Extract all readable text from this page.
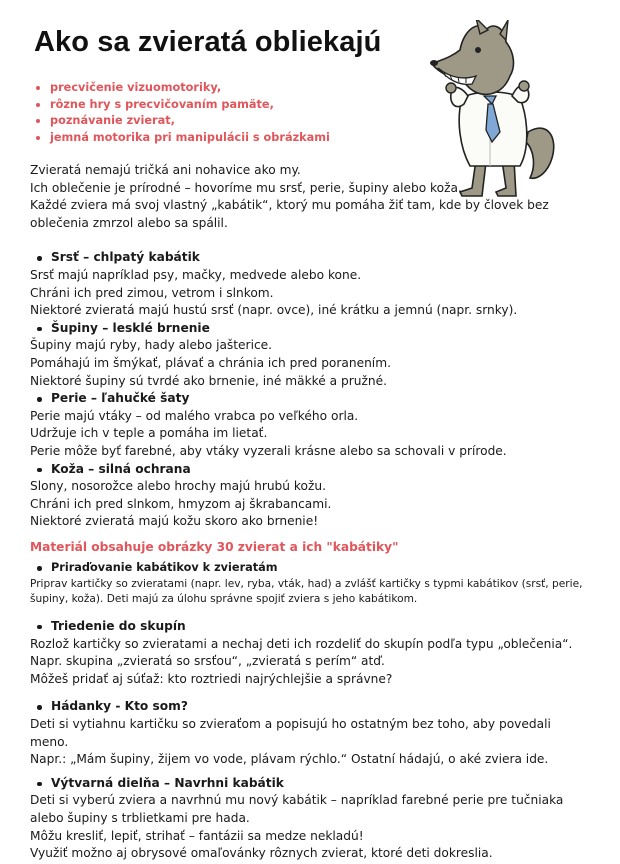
Ako sa zvieratá obliekajú
precvičenie vizuomotoriky,
rôzne hry s precvičovaním pamäte,
poznávanie zvierat,
jemná motorika pri manipulácii s obrázkami

Zvieratá nemajú tričká ani nohavice ako my.

Ich oblečenie je prírodné – hovoríme mu srsť, perie, šupiny alebo koža.

Každé zviera má svoj vlastný „kabátik“, ktorý mu pomáha žiť tam, kde by človek bez

oblečenia zmrzol alebo sa spálil.

Srsť – chlpatý kabátik

Srsť majú napríklad psy, mačky, medvede alebo kone.

Chráni ich pred zimou, vetrom i slnkom.

Niektoré zvieratá majú hustú srsť (napr. ovce), iné krátku a jemnú (napr. srnky).

Šupiny – lesklé brnenie

Šupiny majú ryby, hady alebo jašterice.

Pomáhajú im šmýkať, plávať a chránia ich pred poranením.

Niektoré šupiny sú tvrdé ako brnenie, iné mäkké a pružné.

Perie – ľahučké šaty

Perie majú vtáky – od malého vrabca po veľkého orla.

Udržuje ich v teple a pomáha im lietať.

Perie môže byť farebné, aby vtáky vyzerali krásne alebo sa schovali v prírode.

Koža – silná ochrana

Slony, nosorožce alebo hrochy majú hrubú kožu.

Chráni ich pred slnkom, hmyzom aj škrabancami.

Niektoré zvieratá majú kožu skoro ako brnenie!

Materiál obsahuje obrázky 30 zvierat a ich "kabátiky"

Priraďovanie kabátikov k zvieratám

Priprav kartičky so zvieratami (napr. lev, ryba, vták, had) a zvlášť kartičky s typmi kabátikov (srsť, perie,

šupiny, koža). Deti majú za úlohu správne spojiť zviera s jeho kabátikom.

Triedenie do skupín

Rozlož kartičky so zvieratami a nechaj deti ich rozdeliť do skupín podľa typu „oblečenia“.

Napr. skupina „zvieratá so srsťou“, „zvieratá s perím“ atď.

Môžeš pridať aj súťaž: kto roztriedi najrýchlejšie a správne?

Hádanky - Kto som?

Deti si vytiahnu kartičku so zvieraťom a popisujú ho ostatným bez toho, aby povedali

meno.

Napr.: „Mám šupiny, žijem vo vode, plávam rýchlo.“ Ostatní hádajú, o aké zviera ide.

Výtvarná dielňa – Navrhni kabátik

Deti si vyberú zviera a navrhnú mu nový kabátik – napríklad farebné perie pre tučniaka

alebo šupiny s trblietkami pre hada.

Môžu kresliť, lepiť, strihať – fantázii sa medze nekladú!

Využiť možno aj obrysové omaľovánky rôznych zvierat, ktoré deti dokreslia.
